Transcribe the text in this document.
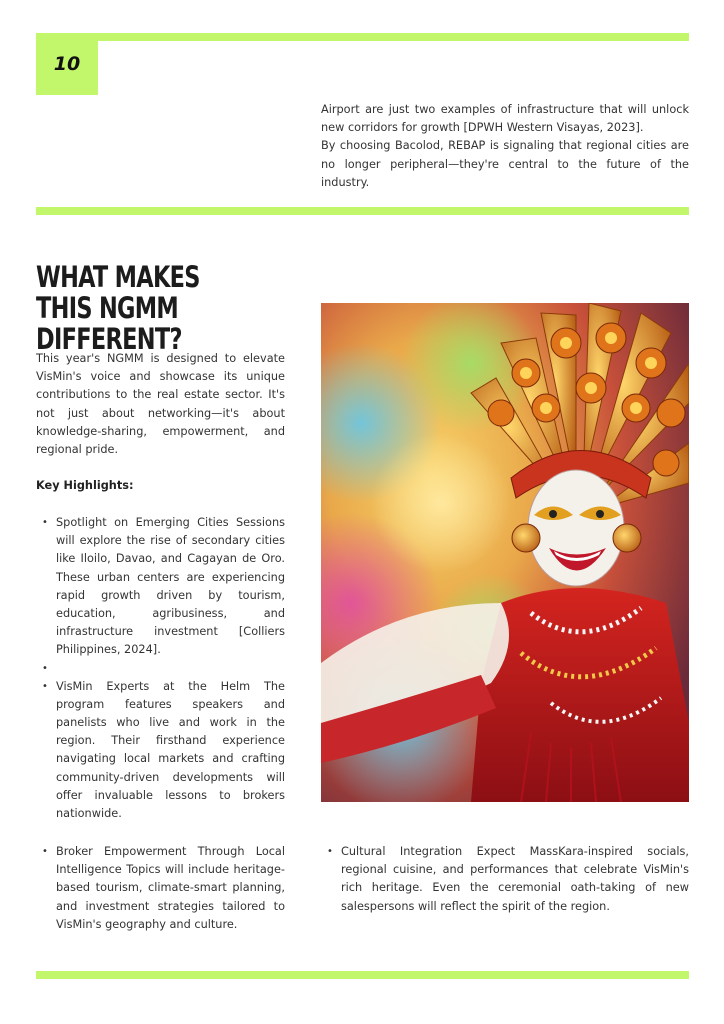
10

Airport are just two examples of infrastructure that will unlock new corridors for growth [DPWH Western Visayas, 2023].

By choosing Bacolod, REBAP is signaling that regional cities are no longer peripheral—they're central to the future of the industry.

WHAT MAKES THIS NGMM DIFFERENT?

This year's NGMM is designed to elevate VisMin's voice and showcase its unique contributions to the real estate sector. It's not just about networking—it's about knowledge-sharing, empowerment, and regional pride.

Key Highlights:

• Spotlight on Emerging Cities Sessions will explore the rise of secondary cities like Iloilo, Davao, and Cagayan de Oro. These urban centers are experiencing rapid growth driven by tourism, education, agribusiness, and infrastructure investment [Colliers Philippines, 2024].
•
• VisMin Experts at the Helm The program features speakers and panelists who live and work in the region. Their firsthand experience navigating local markets and crafting community-driven developments will offer invaluable lessons to brokers nationwide.
• Broker Empowerment Through Local Intelligence Topics will include heritage-based tourism, climate-smart planning, and investment strategies tailored to VisMin's geography and culture.
• Cultural Integration Expect MassKara-inspired socials, regional cuisine, and performances that celebrate VisMin's rich heritage. Even the ceremonial oath-taking of new salespersons will reflect the spirit of the region.
